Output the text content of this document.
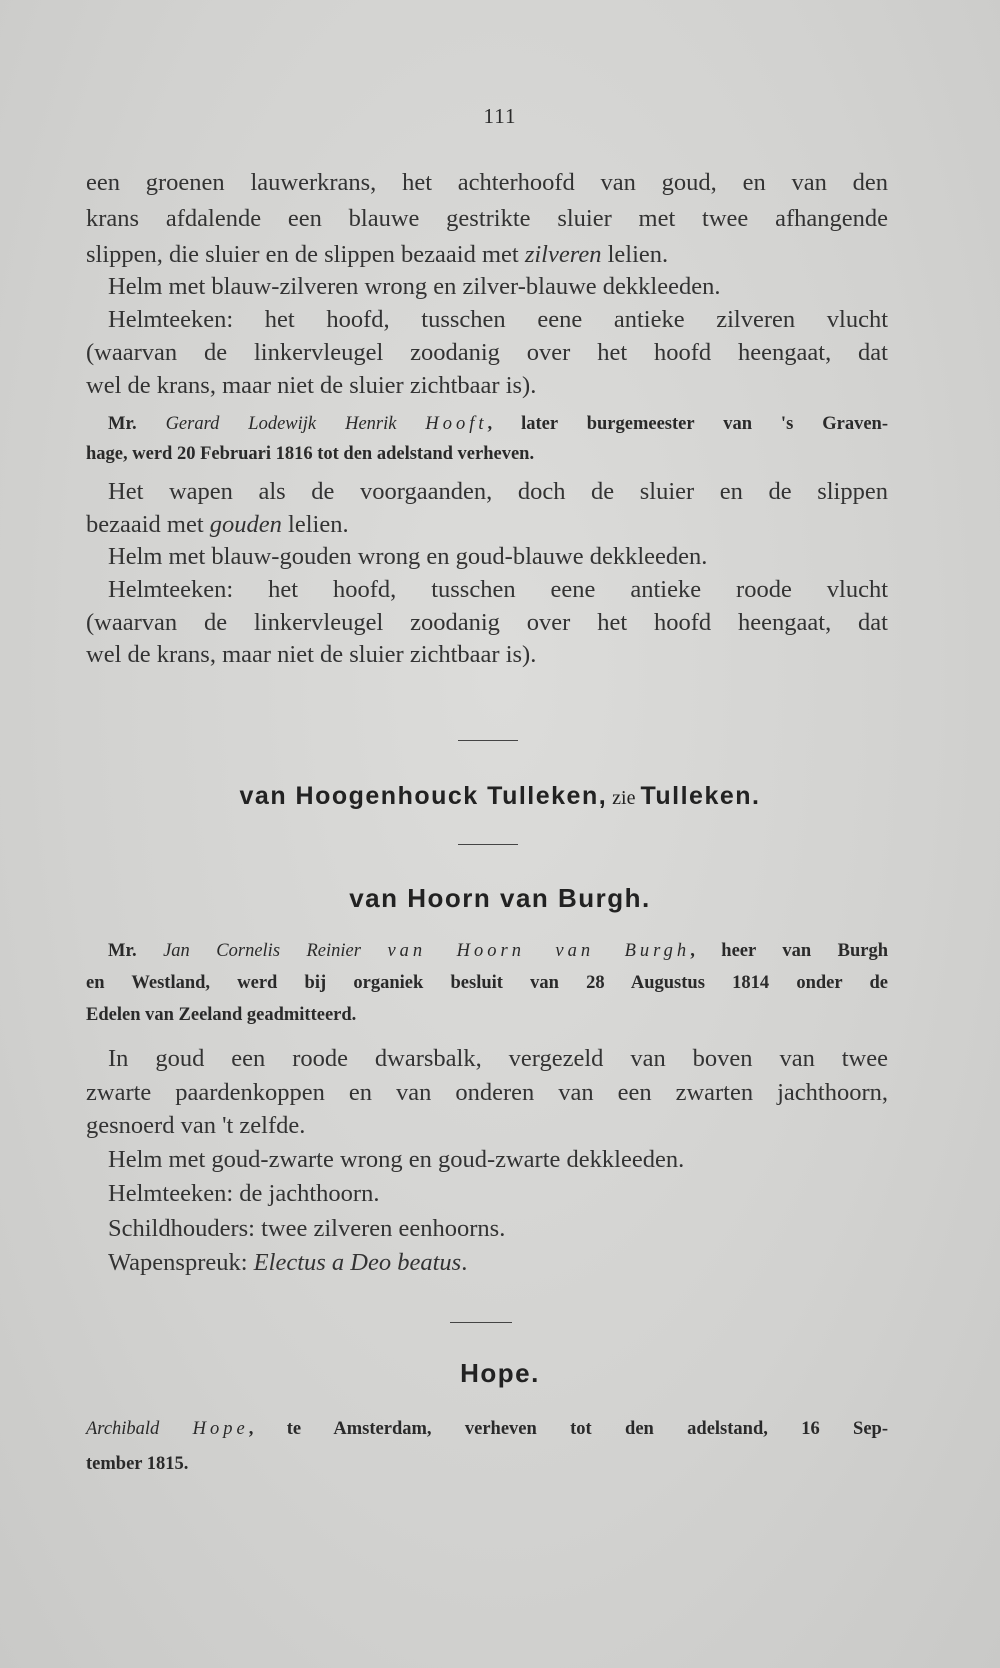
111
een groenen lauwerkrans, het achterhoofd van goud, en van den
krans afdalende een blauwe gestrikte sluier met twee afhangende
slippen, die sluier en de slippen bezaaid met zilveren lelien.
Helm met blauw-zilveren wrong en zilver-blauwe dekkleeden.
Helmteeken: het hoofd, tusschen eene antieke zilveren vlucht
(waarvan de linkervleugel zoodanig over het hoofd heengaat, dat
wel de krans, maar niet de sluier zichtbaar is).
Mr. Gerard Lodewijk Henrik Hooft, later burgemeester van 's Graven-
hage, werd 20 Februari 1816 tot den adelstand verheven.
Het wapen als de voorgaanden, doch de sluier en de slippen
bezaaid met gouden lelien.
Helm met blauw-gouden wrong en goud-blauwe dekkleeden.
Helmteeken: het hoofd, tusschen eene antieke roode vlucht
(waarvan de linkervleugel zoodanig over het hoofd heengaat, dat
wel de krans, maar niet de sluier zichtbaar is).
van Hoogenhouck Tulleken, zie Tulleken.
van Hoorn van Burgh.
Mr. Jan Cornelis Reinier van Hoorn van Burgh, heer van Burgh
en Westland, werd bij organiek besluit van 28 Augustus 1814 onder de
Edelen van Zeeland geadmitteerd.
In goud een roode dwarsbalk, vergezeld van boven van twee
zwarte paardenkoppen en van onderen van een zwarten jachthoorn,
gesnoerd van 't zelfde.
Helm met goud-zwarte wrong en goud-zwarte dekkleeden.
Helmteeken: de jachthoorn.
Schildhouders: twee zilveren eenhoorns.
Wapenspreuk: Electus a Deo beatus.
Hope.
Archibald Hope, te Amsterdam, verheven tot den adelstand, 16 Sep-
tember 1815.
